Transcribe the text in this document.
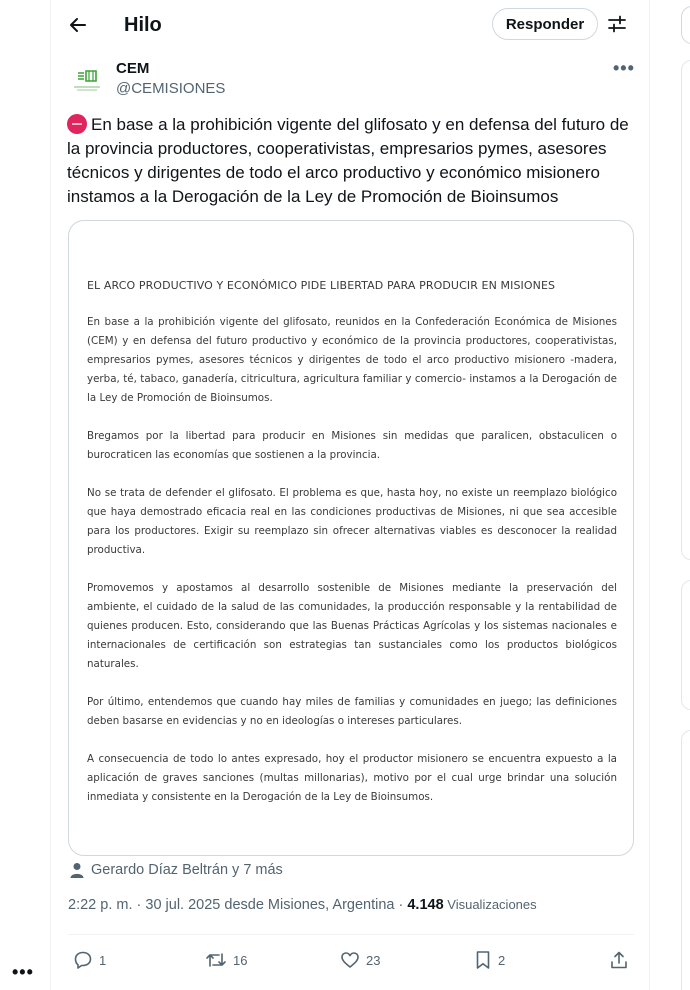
•••
Hilo	Responder
CEM
@CEMISIONES
•••
En base a la prohibición vigente del glifosato y en defensa del futuro de la provincia productores, cooperativistas, empresarios pymes, asesores técnicos y dirigentes de todo el arco productivo y económico misionero instamos a la Derogación de la Ley de Promoción de Bioinsumos
EL ARCO PRODUCTIVO Y ECONÓMICO PIDE LIBERTAD PARA PRODUCIR EN MISIONES

En base a la prohibición vigente del glifosato, reunidos en la Confederación Económica de Misiones (CEM) y en defensa del futuro productivo y económico de la provincia productores, cooperativistas, empresarios pymes, asesores técnicos y dirigentes de todo el arco productivo misionero -madera, yerba, té, tabaco, ganadería, citricultura, agricultura familiar y comercio- instamos a la Derogación de la Ley de Promoción de Bioinsumos.

Bregamos por la libertad para producir en Misiones sin medidas que paralicen, obstaculicen o burocraticen las economías que sostienen a la provincia.

No se trata de defender el glifosato. El problema es que, hasta hoy, no existe un reemplazo biológico que haya demostrado eficacia real en las condiciones productivas de Misiones, ni que sea accesible para los productores. Exigir su reemplazo sin ofrecer alternativas viables es desconocer la realidad productiva.

Promovemos y apostamos al desarrollo sostenible de Misiones mediante la preservación del ambiente, el cuidado de la salud de las comunidades, la producción responsable y la rentabilidad de quienes producen. Esto, considerando que las Buenas Prácticas Agrícolas y los sistemas nacionales e internacionales de certificación son estrategias tan sustanciales como los productos biológicos naturales.

Por último, entendemos que cuando hay miles de familias y comunidades en juego; las definiciones deben basarse en evidencias y no en ideologías o intereses particulares.

A consecuencia de todo lo antes expresado, hoy el productor misionero se encuentra expuesto a la aplicación de graves sanciones (multas millonarias), motivo por el cual urge brindar una solución inmediata y consistente en la Derogación de la Ley de Bioinsumos.

Gerardo Díaz Beltrán y 7 más
2:22 p. m. · 30 jul. 2025 desde Misiones, Argentina · 4.148 Visualizaciones
1	16	23	2
